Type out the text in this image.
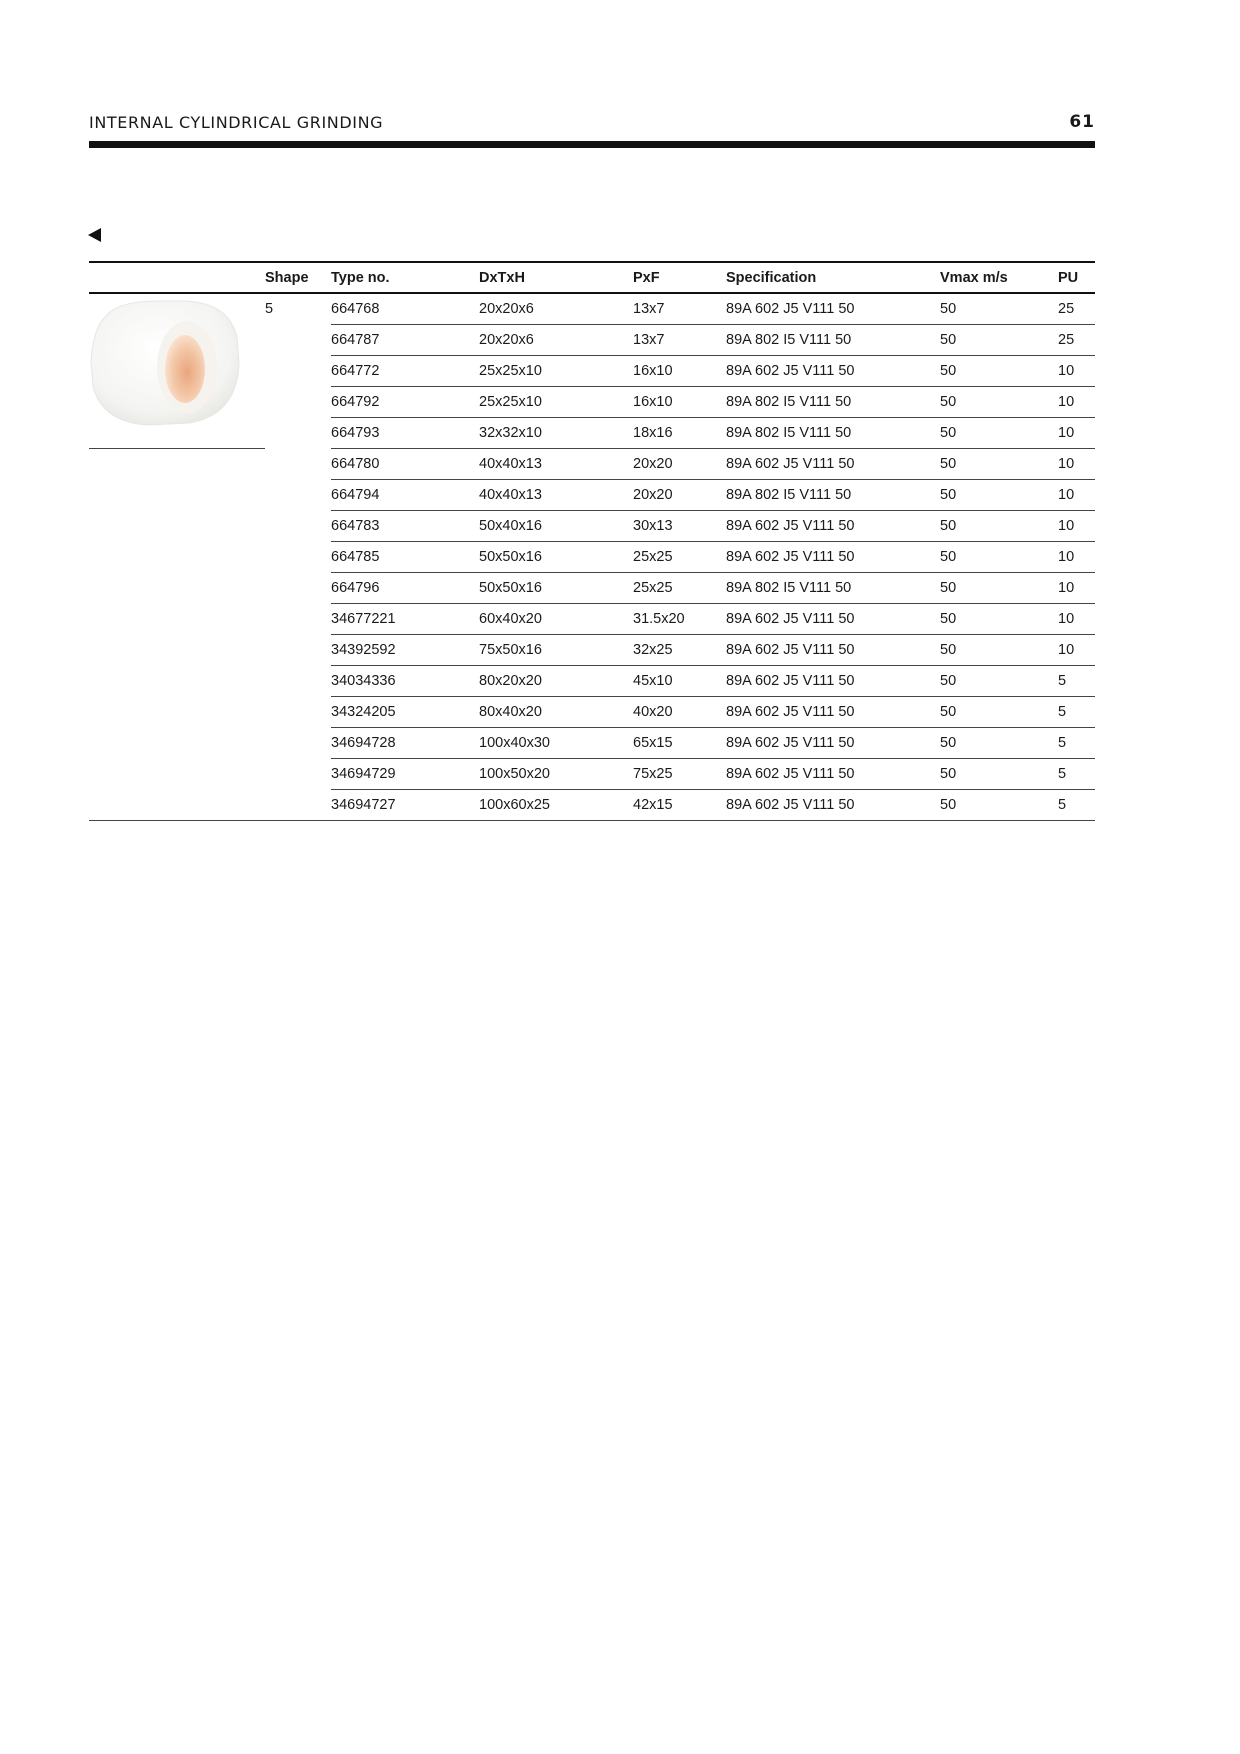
INTERNAL CYLINDRICAL GRINDING	61
	Shape	Type no.	DxTxH	PxF	Specification	Vmax m/s	PU

	5	664768	20x20x6	13x7	89A 602 J5 V111 50	50	25
		664787	20x20x6	13x7	89A 802 I5 V111 50	50	25
		664772	25x25x10	16x10	89A 602 J5 V111 50	50	10
		664792	25x25x10	16x10	89A 802 I5 V111 50	50	10
		664793	32x32x10	18x16	89A 802 I5 V111 50	50	10
		664780	40x40x13	20x20	89A 602 J5 V111 50	50	10
		664794	40x40x13	20x20	89A 802 I5 V111 50	50	10
		664783	50x40x16	30x13	89A 602 J5 V111 50	50	10
		664785	50x50x16	25x25	89A 602 J5 V111 50	50	10
		664796	50x50x16	25x25	89A 802 I5 V111 50	50	10
		34677221	60x40x20	31.5x20	89A 602 J5 V111 50	50	10
		34392592	75x50x16	32x25	89A 602 J5 V111 50	50	10
		34034336	80x20x20	45x10	89A 602 J5 V111 50	50	5
		34324205	80x40x20	40x20	89A 602 J5 V111 50	50	5
		34694728	100x40x30	65x15	89A 602 J5 V111 50	50	5
		34694729	100x50x20	75x25	89A 602 J5 V111 50	50	5
		34694727	100x60x25	42x15	89A 602 J5 V111 50	50	5
